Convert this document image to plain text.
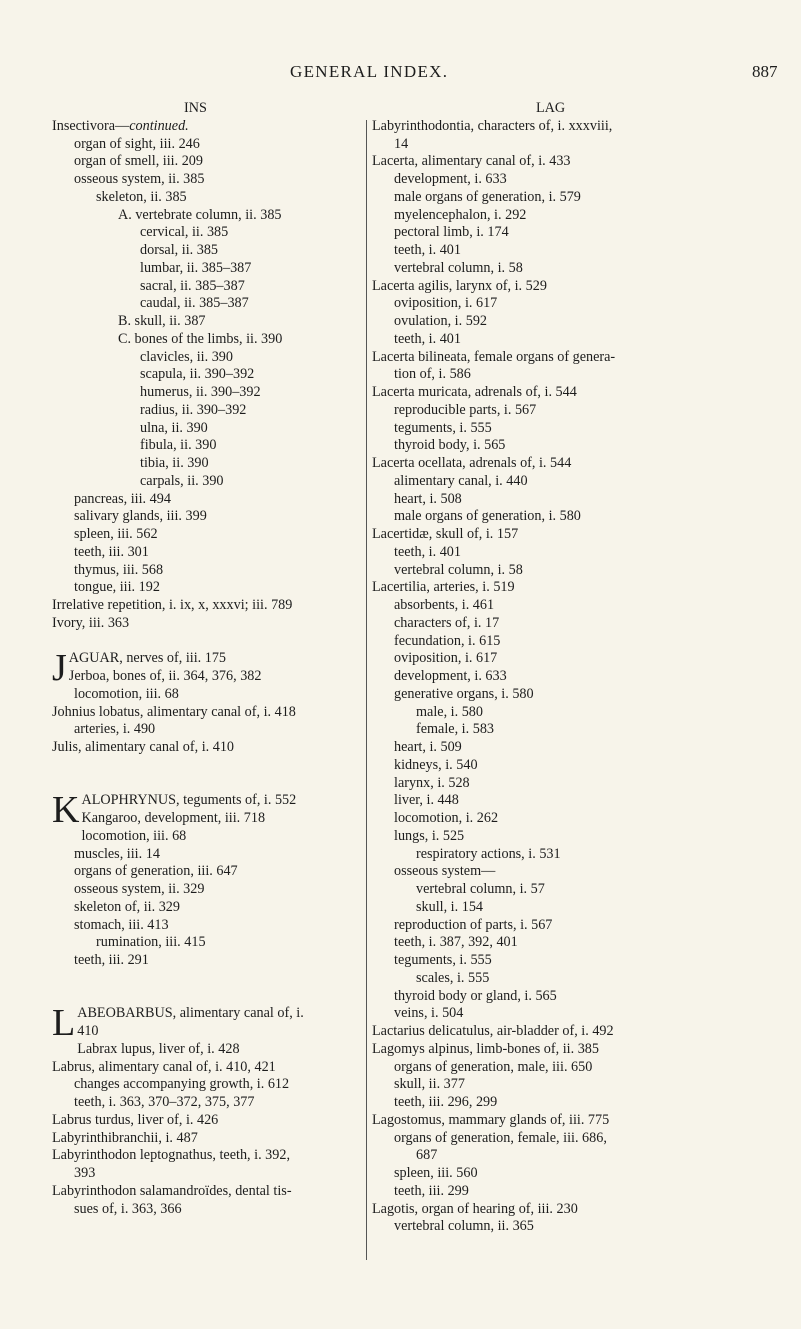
GENERAL INDEX.	887
INS
Insectivora—continued.
organ of sight, iii. 246
organ of smell, iii. 209
osseous system, ii. 385
skeleton, ii. 385
A. vertebrate column, ii. 385
cervical, ii. 385
dorsal, ii. 385
lumbar, ii. 385–387
sacral, ii. 385–387
caudal, ii. 385–387
B. skull, ii. 387
C. bones of the limbs, ii. 390
clavicles, ii. 390
scapula, ii. 390–392
humerus, ii. 390–392
radius, ii. 390–392
ulna, ii. 390
fibula, ii. 390
tibia, ii. 390
carpals, ii. 390
pancreas, iii. 494
salivary glands, iii. 399
spleen, iii. 562
teeth, iii. 301
thymus, iii. 568
tongue, iii. 192
Irrelative repetition, i. ix, x, xxxvi; iii. 789
Ivory, iii. 363
J AGUAR, nerves of, iii. 175
Jerboa, bones of, ii. 364, 376, 382
locomotion, iii. 68
Johnius lobatus, alimentary canal of, i. 418
arteries, i. 490
Julis, alimentary canal of, i. 410
K ALOPHRYNUS, teguments of, i. 552
Kangaroo, development, iii. 718
locomotion, iii. 68
muscles, iii. 14
organs of generation, iii. 647
osseous system, ii. 329
skeleton of, ii. 329
stomach, iii. 413
rumination, iii. 415
teeth, iii. 291
L ABEOBARBUS, alimentary canal of, i.
410
Labrax lupus, liver of, i. 428
Labrus, alimentary canal of, i. 410, 421
changes accompanying growth, i. 612
teeth, i. 363, 370–372, 375, 377
Labrus turdus, liver of, i. 426
Labyrinthibranchii, i. 487
Labyrinthodon leptognathus, teeth, i. 392,
393
Labyrinthodon salamandroïdes, dental tis-
sues of, i. 363, 366
LAG
Labyrinthodontia, characters of, i. xxxviii,
14
Lacerta, alimentary canal of, i. 433
development, i. 633
male organs of generation, i. 579
myelencephalon, i. 292
pectoral limb, i. 174
teeth, i. 401
vertebral column, i. 58
Lacerta agilis, larynx of, i. 529
oviposition, i. 617
ovulation, i. 592
teeth, i. 401
Lacerta bilineata, female organs of genera-
tion of, i. 586
Lacerta muricata, adrenals of, i. 544
reproducible parts, i. 567
teguments, i. 555
thyroid body, i. 565
Lacerta ocellata, adrenals of, i. 544
alimentary canal, i. 440
heart, i. 508
male organs of generation, i. 580
Lacertidæ, skull of, i. 157
teeth, i. 401
vertebral column, i. 58
Lacertilia, arteries, i. 519
absorbents, i. 461
characters of, i. 17
fecundation, i. 615
oviposition, i. 617
development, i. 633
generative organs, i. 580
male, i. 580
female, i. 583
heart, i. 509
kidneys, i. 540
larynx, i. 528
liver, i. 448
locomotion, i. 262
lungs, i. 525
respiratory actions, i. 531
osseous system—
vertebral column, i. 57
skull, i. 154
reproduction of parts, i. 567
teeth, i. 387, 392, 401
teguments, i. 555
scales, i. 555
thyroid body or gland, i. 565
veins, i. 504
Lactarius delicatulus, air-bladder of, i. 492
Lagomys alpinus, limb-bones of, ii. 385
organs of generation, male, iii. 650
skull, ii. 377
teeth, iii. 296, 299
Lagostomus, mammary glands of, iii. 775
organs of generation, female, iii. 686,
687
spleen, iii. 560
teeth, iii. 299
Lagotis, organ of hearing of, iii. 230
vertebral column, ii. 365
